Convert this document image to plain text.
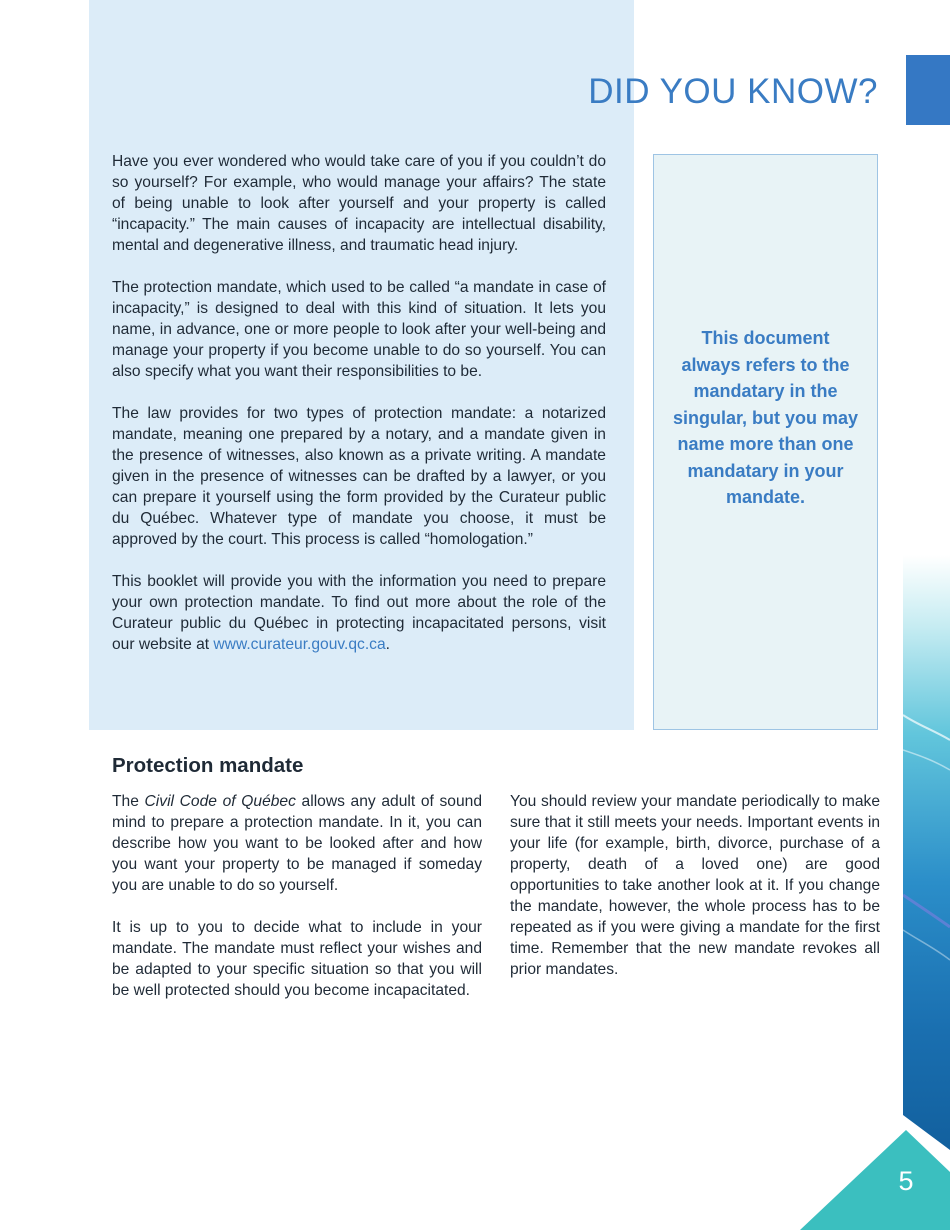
DID YOU KNOW?

Have you ever wondered who would take care of you if you couldn’t do so yourself? For example, who would manage your affairs? The state of being unable to look after yourself and your property is called “incapacity.” The main causes of incapacity are intellectual disability, mental and degenerative illness, and traumatic head injury.

The protection mandate, which used to be called “a mandate in case of incapacity,” is designed to deal with this kind of situation. It lets you name, in advance, one or more people to look after your well-being and manage your property if you become unable to do so yourself. You can also specify what you want their responsibilities to be.

The law provides for two types of protection mandate: a notarized mandate, meaning one prepared by a notary, and a mandate given in the presence of witnesses, also known as a private writing. A mandate given in the presence of witnesses can be drafted by a lawyer, or you can prepare it yourself using the form provided by the Curateur public du Québec. Whatever type of mandate you choose, it must be approved by the court. This process is called “homologation.”

This booklet will provide you with the information you need to prepare your own protection mandate. To find out more about the role of the Curateur public du Québec in protecting incapacitated persons, visit our website at www.curateur.gouv.qc.ca.

This document always refers to the mandatary in the singular, but you may name more than one mandatary in your mandate.

Protection mandate

The Civil Code of Québec allows any adult of sound mind to prepare a protection mandate. In it, you can describe how you want to be looked after and how you want your property to be managed if someday you are unable to do so yourself.

It is up to you to decide what to include in your mandate. The mandate must reflect your wishes and be adapted to your specific situation so that you will be well protected should you become incapacitated.

You should review your mandate periodically to make sure that it still meets your needs. Important events in your life (for example, birth, divorce, purchase of a property, death of a loved one) are good opportunities to take another look at it. If you change the mandate, however, the whole process has to be repeated as if you were giving a mandate for the first time. Remember that the new mandate revokes all prior mandates.

5
